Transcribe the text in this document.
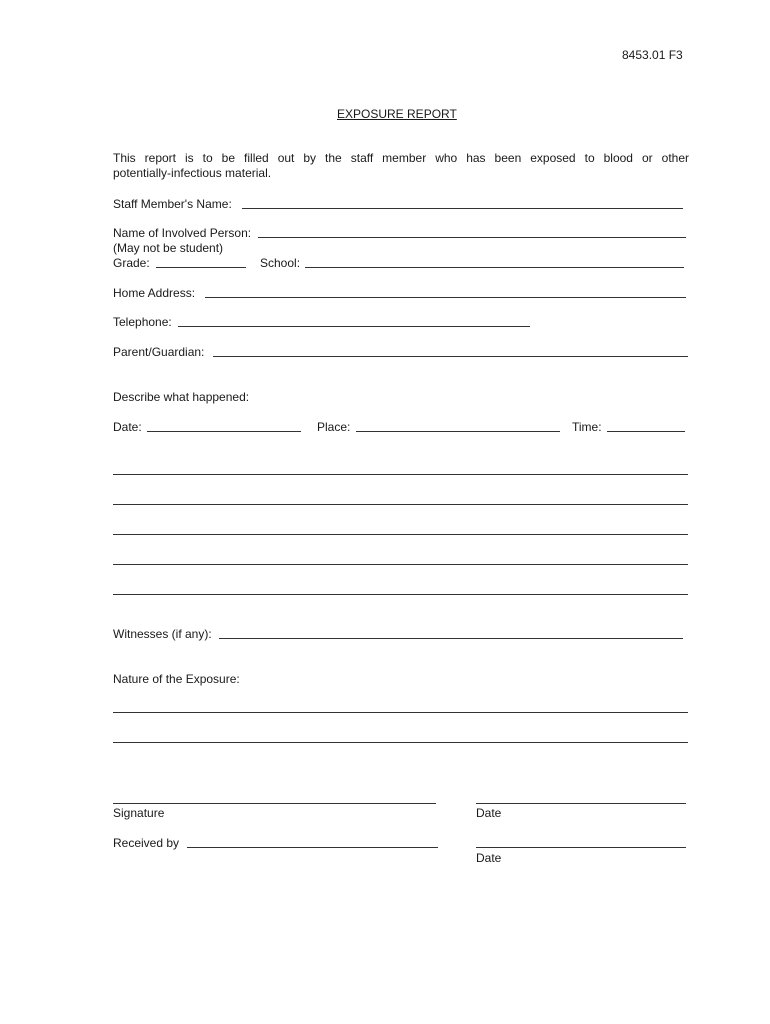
8453.01 F3
EXPOSURE REPORT
This report is to be filled out by the staff member who has been exposed to blood or other
potentially-infectious material.
Staff Member's Name:
Name of Involved Person:
(May not be student)
Grade:	School:
Home Address:
Telephone:
Parent/Guardian:
Describe what happened:
Date:	Place:	Time:
Witnesses (if any):
Nature of the Exposure:
Signature	Date
Received by
Date
